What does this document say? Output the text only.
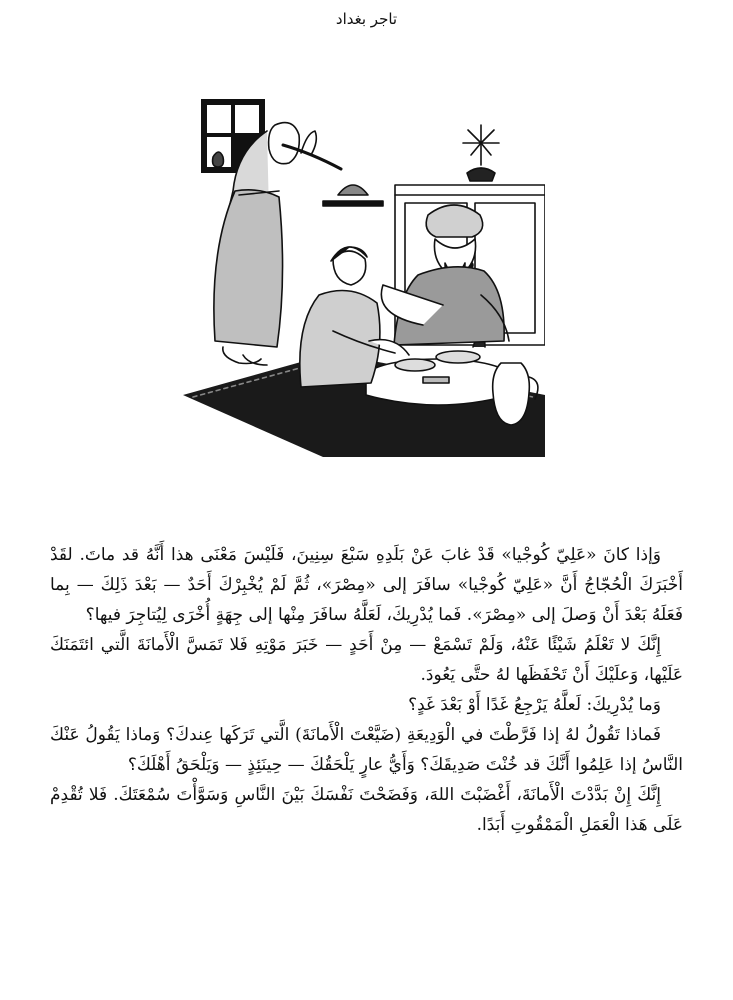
تاجر بغداد

وَإذا كانَ «عَلِيّ كُوجْيا» قَدْ غابَ عَنْ بَلَدِهِ سَبْعَ سِنِينَ، فَلَيْسَ مَعْنَى هذا أَنَّهُ قد ماتَ. لقَدْ أَخْبَرَكَ الْحُجّاجُ أَنَّ «عَلِيّ كُوجْيا» سافَرَ إلى «مِصْرَ»، ثُمَّ لَمْ يُخْبِرْكَ أَحَدٌ — بَعْدَ ذَلِكَ — بِما فَعَلَهُ بَعْدَ أَنْ وَصلَ إلى «مِصْرَ». فَما يُدْرِيكَ، لَعَلَّهُ سافَرَ مِنْها إلى جِهَةٍ أُخْرَى لِيُتاجِرَ فيها؟

إِنَّكَ لا تَعْلَمُ شَيْئًا عَنْهُ، وَلَمْ تَسْمَعْ — مِنْ أَحَدٍ — خَبَرَ مَوْتِهِ فَلا تَمَسَّ الْأَمانَةَ الَّتي ائتَمَنَكَ عَلَيْها، وَعلَيْكَ أَنْ تَحْفَظَها لهُ حتَّى يَعُودَ.

وَما يُدْرِيكَ: لَعلَّهُ يَرْجِعُ غَدًا أَوْ بَعْدَ غَدٍ؟

فَماذا تَقُولُ لهُ إذا فَرَّطْتَ في الْوَدِيعَةِ (ضَيَّعْتَ الْأَمانَةَ) الَّتي تَرَكَها عِندكَ؟ وَماذا يَقُولُ عَنْكَ النَّاسُ إذا عَلِمُوا أَنَّكَ قد خُنْتَ صَدِيقَكَ؟ وَأَيُّ عارٍ يَلْحَقُكَ — حِينَئِذٍ — وَيَلْحَقُ أَهْلَكَ؟

إِنَّكَ إِنْ بَدَّدْتَ الْأَمانَةَ، أَغْضَبْتَ اللهَ، وَفَضَحْتَ نَفْسَكَ بَيْنَ النَّاسِ وَسَوَّأْتَ سُمْعَتَكَ. فَلا تُقْدِمْ عَلَى هَذا الْعَمَلِ الْمَمْقُوتِ أَبَدًا.
